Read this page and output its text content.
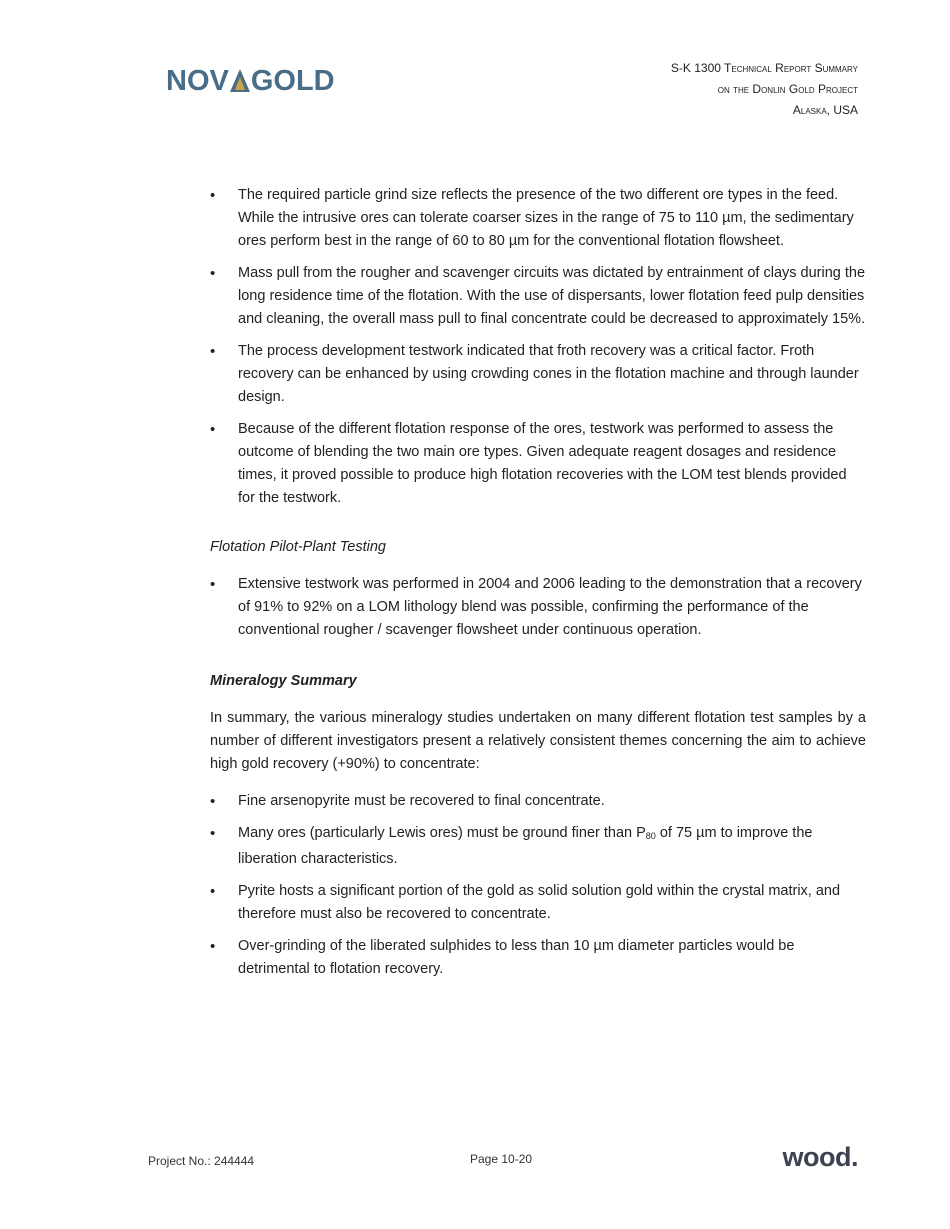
NOV GOLD	S-K 1300 Technical Report Summary
on the Donlin Gold Project
Alaska, USA
• The required particle grind size reflects the presence of the two different ore types in the feed. While the intrusive ores can tolerate coarser sizes in the range of 75 to 110 µm, the sedimentary ores perform best in the range of 60 to 80 µm for the conventional flotation flowsheet.
• Mass pull from the rougher and scavenger circuits was dictated by entrainment of clays during the long residence time of the flotation. With the use of dispersants, lower flotation feed pulp densities and cleaning, the overall mass pull to final concentrate could be decreased to approximately 15%.
• The process development testwork indicated that froth recovery was a critical factor. Froth recovery can be enhanced by using crowding cones in the flotation machine and through launder design.
• Because of the different flotation response of the ores, testwork was performed to assess the outcome of blending the two main ore types. Given adequate reagent dosages and residence times, it proved possible to produce high flotation recoveries with the LOM test blends provided for the testwork.
Flotation Pilot-Plant Testing
• Extensive testwork was performed in 2004 and 2006 leading to the demonstration that a recovery of 91% to 92% on a LOM lithology blend was possible, confirming the performance of the conventional rougher / scavenger flowsheet under continuous operation.
Mineralogy Summary

In summary, the various mineralogy studies undertaken on many different flotation test samples by a number of different investigators present a relatively consistent themes concerning the aim to achieve high gold recovery (+90%) to concentrate:

• Fine arsenopyrite must be recovered to final concentrate.
• Many ores (particularly Lewis ores) must be ground finer than $P_{80}$ of 75 µm to improve the liberation characteristics.
• Pyrite hosts a significant portion of the gold as solid solution gold within the crystal matrix, and therefore must also be recovered to concentrate.
• Over-grinding of the liberated sulphides to less than 10 µm diameter particles would be detrimental to flotation recovery.
Project No.: 244444	Page 10-20	wood.
